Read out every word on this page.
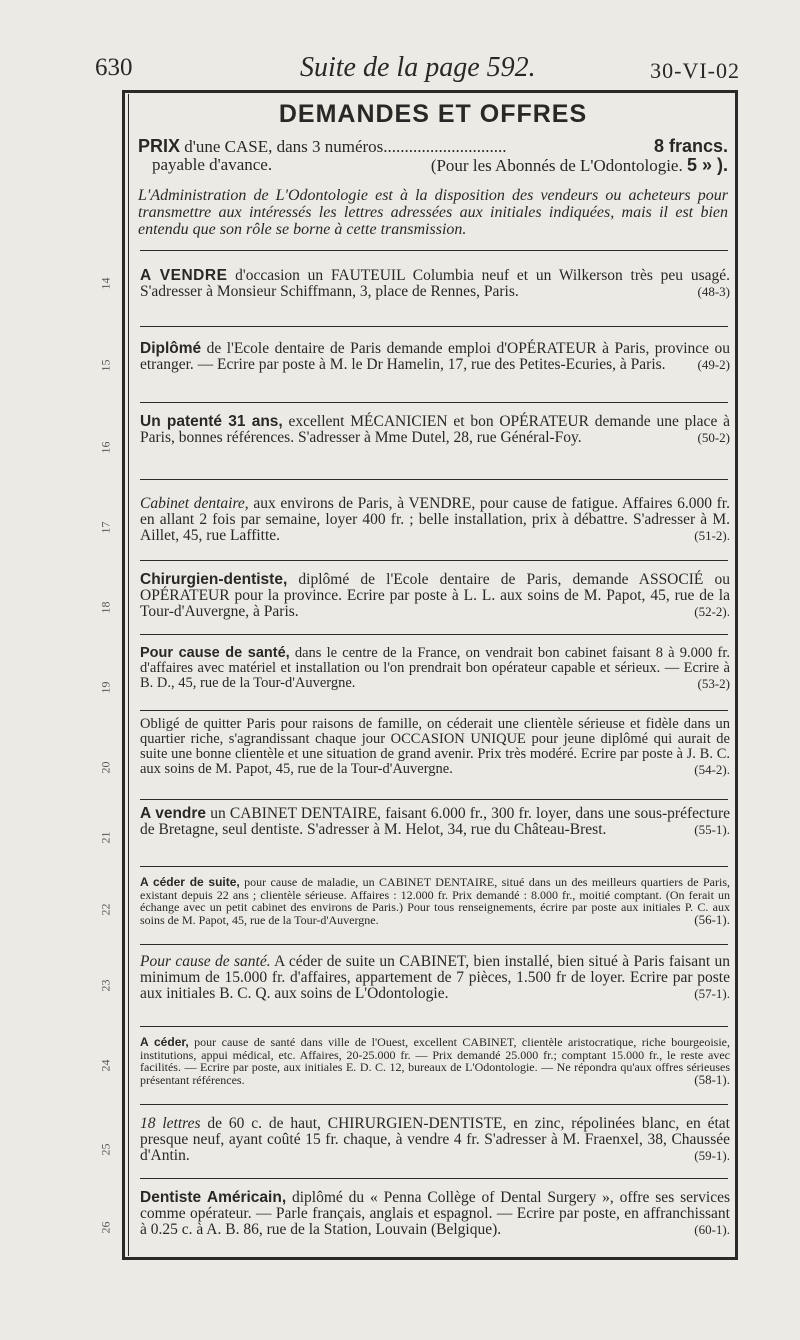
630	Suite de la page 592.	30-VI-02
DEMANDES ET OFFRES
PRIX d'une CASE, dans 3 numéros.............................	8 francs.
payable d'avance.	(Pour les Abonnés de L'Odontologie. 5 » ).
L'Administration de L'Odontologie est à la disposition des vendeurs ou acheteurs pour transmettre aux intéressés les lettres adressées aux initiales indiquées, mais il est bien entendu que son rôle se borne à cette transmission.
14
15
16
17
18
19
20
21
22
23
24
25
26
A VENDRE d'occasion un FAUTEUIL Columbia neuf et un Wilkerson très peu usagé. S'adresser à Monsieur Schiffmann, 3, place de Rennes, Paris.	(48-3)
Diplômé de l'Ecole dentaire de Paris demande emploi d'OPÉRATEUR à Paris, province ou etranger. — Ecrire par poste à M. le Dr Hamelin, 17, rue des Petites-Ecuries, à Paris. (49-2)
Un patenté 31 ans, excellent MÉCANICIEN et bon OPÉRATEUR demande une place à Paris, bonnes références. S'adresser à Mme Dutel, 28, rue Général-Foy.	(50-2)
Cabinet dentaire, aux environs de Paris, à VENDRE, pour cause de fatigue. Affaires 6.000 fr. en allant 2 fois par semaine, loyer 400 fr. ; belle installation, prix à débattre. S'adresser à M. Aillet, 45, rue Laffitte.	(51-2).
Chirurgien-dentiste, diplômé de l'Ecole dentaire de Paris, demande ASSOCIÉ ou OPÉRATEUR pour la province. Ecrire par poste à L. L. aux soins de M. Papot, 45, rue de la Tour-d'Auvergne, à Paris.	(52-2).
Pour cause de santé, dans le centre de la France, on vendrait bon cabinet faisant 8 à 9.000 fr. d'affaires avec matériel et installation ou l'on prendrait bon opérateur capable et sérieux. — Ecrire à B. D., 45, rue de la Tour-d'Auvergne.	(53-2)
Obligé de quitter Paris pour raisons de famille, on céderait une clientèle sérieuse et fidèle dans un quartier riche, s'agrandissant chaque jour OCCASION UNIQUE pour jeune diplômé qui aurait de suite une bonne clientèle et une situation de grand avenir. Prix très modéré. Ecrire par poste à J. B. C. aux soins de M. Papot, 45, rue de la Tour-d'Auvergne.	(54-2).
A vendre un CABINET DENTAIRE, faisant 6.000 fr., 300 fr. loyer, dans une sous-préfecture de Bretagne, seul dentiste. S'adresser à M. Helot, 34, rue du Château-Brest.	(55-1).
A céder de suite, pour cause de maladie, un CABINET DENTAIRE, situé dans un des meilleurs quartiers de Paris, existant depuis 22 ans ; clientèle sérieuse. Affaires : 12.000 fr. Prix demandé : 8.000 fr., moitié comptant. (On ferait un échange avec un petit cabinet des environs de Paris.) Pour tous renseignements, écrire par poste aux initiales P. C. aux soins de M. Papot, 45, rue de la Tour-d'Auvergne.	(56-1).
Pour cause de santé. A céder de suite un CABINET, bien installé, bien situé à Paris faisant un minimum de 15.000 fr. d'affaires, appartement de 7 pièces, 1.500 fr de loyer. Ecrire par poste aux initiales B. C. Q. aux soins de L'Odontologie.	(57-1).
A céder, pour cause de santé dans ville de l'Ouest, excellent CABINET, clientèle aristocratique, riche bourgeoisie, institutions, appui médical, etc. Affaires, 20-25.000 fr. — Prix demandé 25.000 fr.; comptant 15.000 fr., le reste avec facilités. — Ecrire par poste, aux initiales E. D. C. 12, bureaux de L'Odontologie. — Ne répondra qu'aux offres sérieuses présentant références.	(58-1).
18 lettres de 60 c. de haut, CHIRURGIEN-DENTISTE, en zinc, répolinées blanc, en état presque neuf, ayant coûté 15 fr. chaque, à vendre 4 fr. S'adresser à M. Fraenxel, 38, Chaussée d'Antin.	(59-1).
Dentiste Américain, diplômé du « Penna Collège of Dental Surgery », offre ses services comme opérateur. — Parle français, anglais et espagnol. — Ecrire par poste, en affranchissant à 0.25 c. à A. B. 86, rue de la Station, Louvain (Belgique).	(60-1).
